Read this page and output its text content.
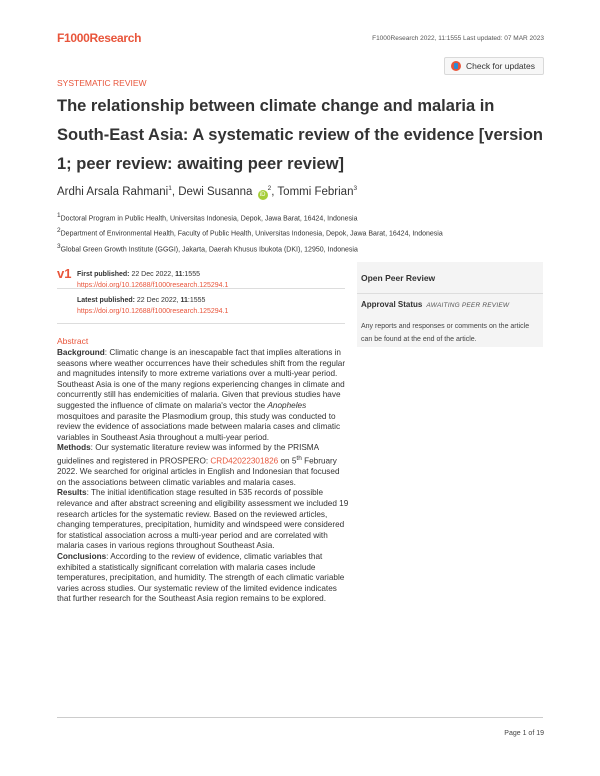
F1000Research	F1000Research 2022, 11:1555 Last updated: 07 MAR 2023
Check for updates
SYSTEMATIC REVIEW
The relationship between climate change and malaria in South-East Asia: A systematic review of the evidence [version 1; peer review: awaiting peer review]
Ardhi Arsala Rahmani$^1$, Dewi Susanna $iD^2$, Tommi Febrian$^3$
$^1$Doctoral Program in Public Health, Universitas Indonesia, Depok, Jawa Barat, 16424, Indonesia
$^2$Department of Environmental Health, Faculty of Public Health, Universitas Indonesia, Depok, Jawa Barat, 16424, Indonesia
$^3$Global Green Growth Institute (GGGI), Jakarta, Daerah Khusus Ibukota (DKI), 12950, Indonesia
v1 First published: 22 Dec 2022, 11:1555
https://doi.org/10.12688/f1000research.125294.1
Latest published: 22 Dec 2022, 11:1555
https://doi.org/10.12688/f1000research.125294.1
Open Peer Review
Approval Status AWAITING PEER REVIEW
Any reports and responses or comments on the article can be found at the end of the article.
Abstract

Background: Climatic change is an inescapable fact that implies alterations in seasons where weather occurrences have their schedules shift from the regular and magnitudes intensify to more extreme variations over a multi-year period. Southeast Asia is one of the many regions experiencing changes in climate and concurrently still has endemicities of malaria. Given that previous studies have suggested the influence of climate on malaria's vector the Anopheles mosquitoes and parasite the Plasmodium group, this study was conducted to review the evidence of associations made between malaria cases and climatic variables in Southeast Asia throughout a multi-year period.

Methods: Our systematic literature review was informed by the PRISMA guidelines and registered in PROSPERO: CRD42022301826 on 5th February 2022. We searched for original articles in English and Indonesian that focused on the associations between climatic variables and malaria cases.

Results: The initial identification stage resulted in 535 records of possible relevance and after abstract screening and eligibility assessment we included 19 research articles for the systematic review. Based on the reviewed articles, changing temperatures, precipitation, humidity and windspeed were considered for statistical association across a multi-year period and are correlated with malaria cases in various regions throughout Southeast Asia.

Conclusions: According to the review of evidence, climatic variables that exhibited a statistically significant correlation with malaria cases include temperatures, precipitation, and humidity. The strength of each climatic variable varies across studies. Our systematic review of the limited evidence indicates that further research for the Southeast Asia region remains to be explored.

Page 1 of 19
